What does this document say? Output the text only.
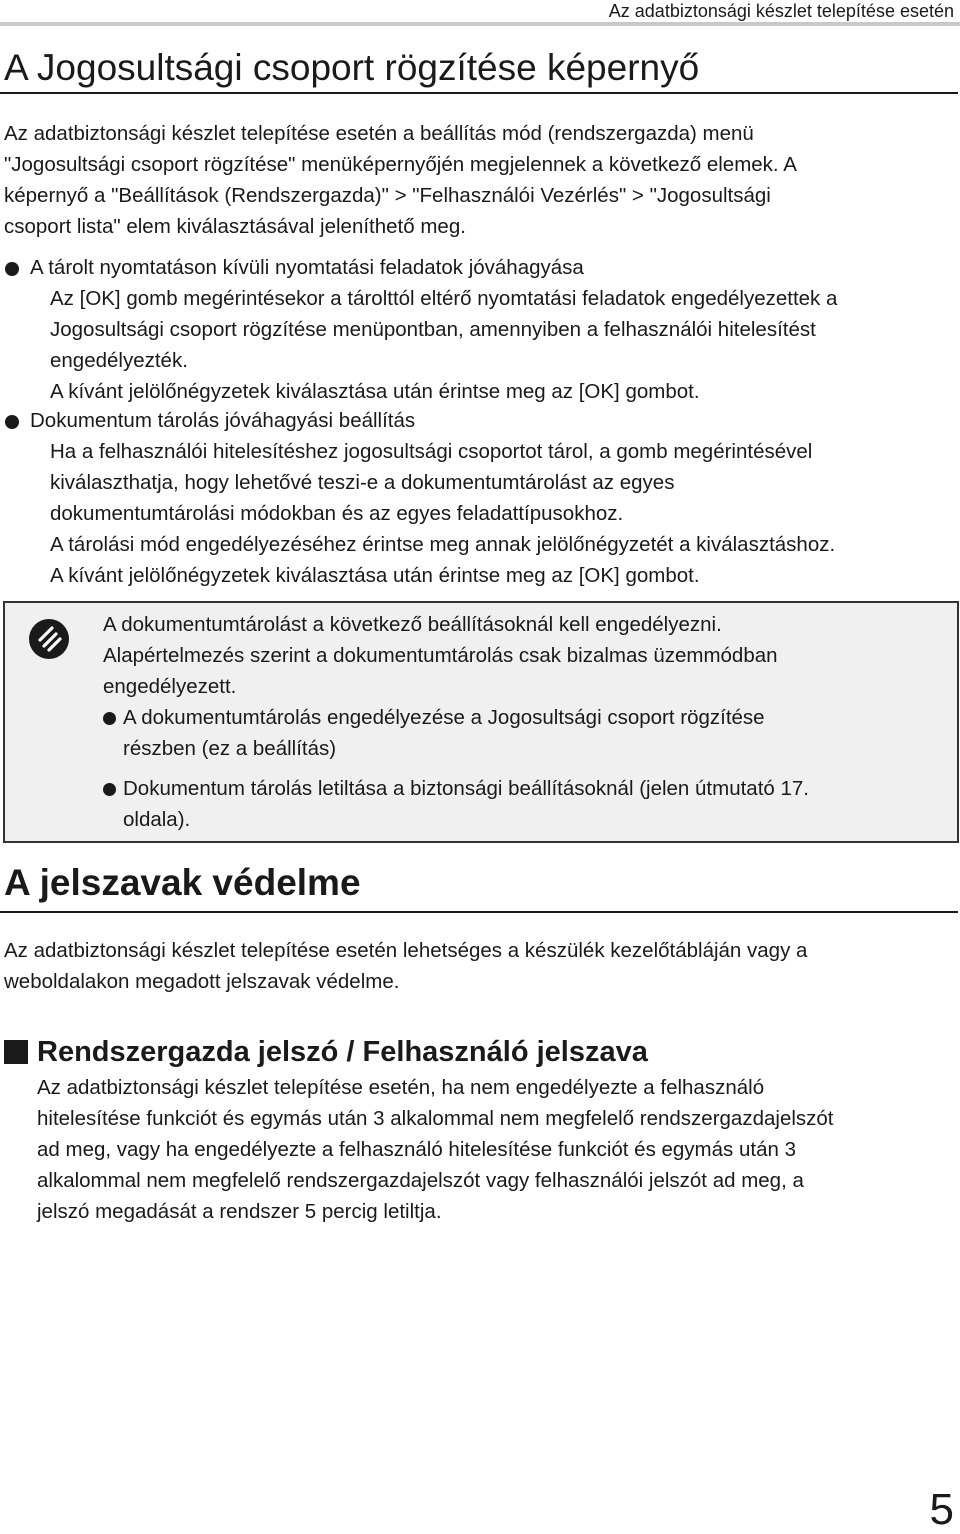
Az adatbiztonsági készlet telepítése esetén
A Jogosultsági csoport rögzítése képernyő
Az adatbiztonsági készlet telepítése esetén a beállítás mód (rendszergazda) menü
"Jogosultsági csoport rögzítése" menüképernyőjén megjelennek a következő elemek. A
képernyő a "Beállítások (Rendszergazda)" > "Felhasználói Vezérlés" > "Jogosultsági
csoport lista" elem kiválasztásával jeleníthető meg.
A tárolt nyomtatáson kívüli nyomtatási feladatok jóváhagyása
Az [OK] gomb megérintésekor a tárolttól eltérő nyomtatási feladatok engedélyezettek a
Jogosultsági csoport rögzítése menüpontban, amennyiben a felhasználói hitelesítést
engedélyezték.
A kívánt jelölőnégyzetek kiválasztása után érintse meg az [OK] gombot.
Dokumentum tárolás jóváhagyási beállítás
Ha a felhasználói hitelesítéshez jogosultsági csoportot tárol, a gomb megérintésével
kiválaszthatja, hogy lehetővé teszi-e a dokumentumtárolást az egyes
dokumentumtárolási módokban és az egyes feladattípusokhoz.
A tárolási mód engedélyezéséhez érintse meg annak jelölőnégyzetét a kiválasztáshoz.
A kívánt jelölőnégyzetek kiválasztása után érintse meg az [OK] gombot.
A dokumentumtárolást a következő beállításoknál kell engedélyezni.
Alapértelmezés szerint a dokumentumtárolás csak bizalmas üzemmódban
engedélyezett.
A dokumentumtárolás engedélyezése a Jogosultsági csoport rögzítése
részben (ez a beállítás)
Dokumentum tárolás letiltása a biztonsági beállításoknál (jelen útmutató 17.
oldala).
A jelszavak védelme
Az adatbiztonsági készlet telepítése esetén lehetséges a készülék kezelőtábláján vagy a
weboldalakon megadott jelszavak védelme.
Rendszergazda jelszó / Felhasználó jelszava
Az adatbiztonsági készlet telepítése esetén, ha nem engedélyezte a felhasználó
hitelesítése funkciót és egymás után 3 alkalommal nem megfelelő rendszergazdajelszót
ad meg, vagy ha engedélyezte a felhasználó hitelesítése funkciót és egymás után 3
alkalommal nem megfelelő rendszergazdajelszót vagy felhasználói jelszót ad meg, a
jelszó megadását a rendszer 5 percig letiltja.
5
